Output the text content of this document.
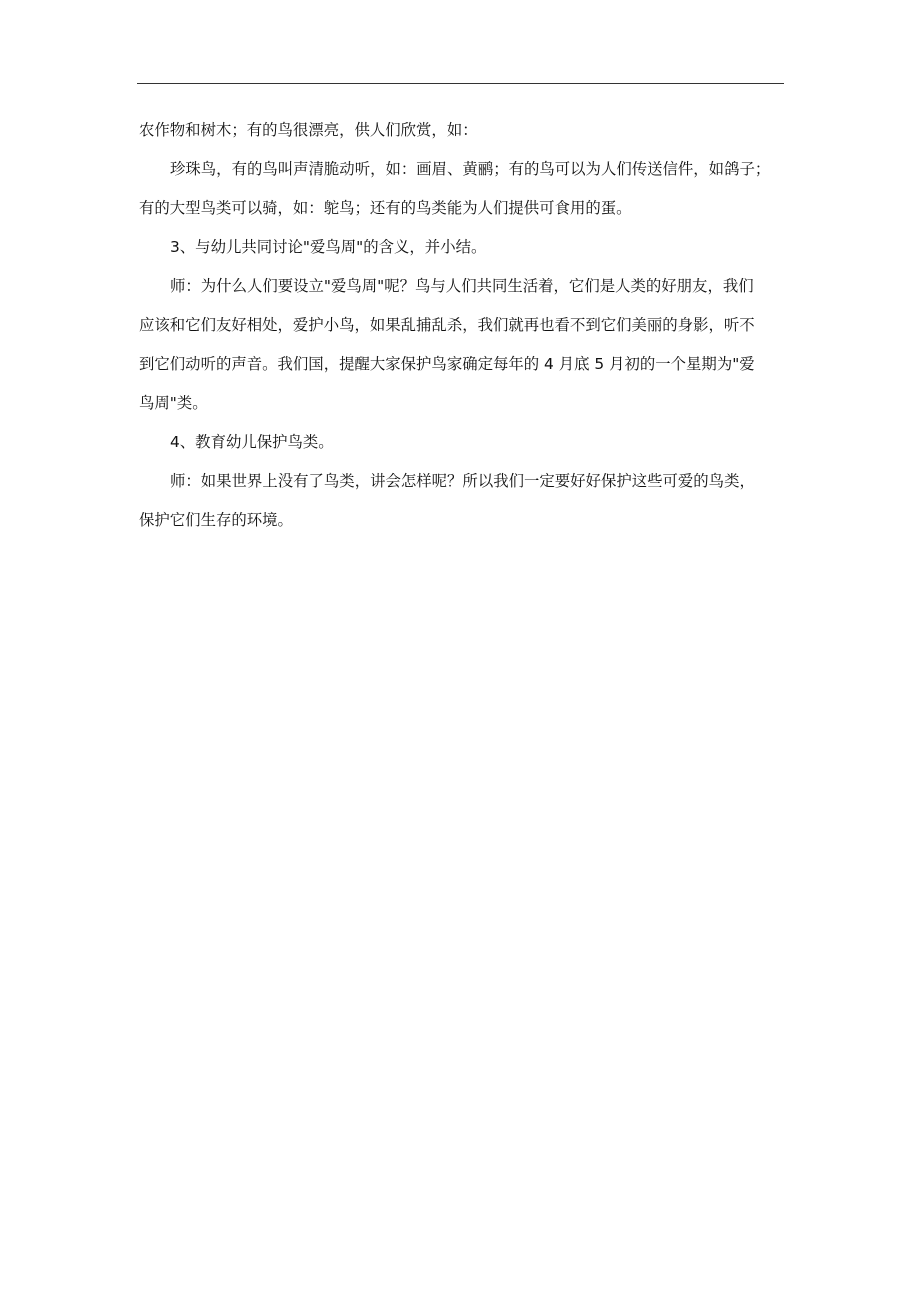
农作物和树木；有的鸟很漂亮，供人们欣赏，如：
珍珠鸟，有的鸟叫声清脆动听，如：画眉、黄鹂；有的鸟可以为人们传送信件，如鸽子；
有的大型鸟类可以骑，如：鸵鸟；还有的鸟类能为人们提供可食用的蛋。
3、与幼儿共同讨论"爱鸟周"的含义，并小结。
师：为什么人们要设立"爱鸟周"呢？鸟与人们共同生活着，它们是人类的好朋友，我们
应该和它们友好相处，爱护小鸟，如果乱捕乱杀，我们就再也看不到它们美丽的身影，听不
到它们动听的声音。我们国，提醒大家保护鸟家确定每年的 4 月底 5 月初的一个星期为"爱
鸟周"类。
4、教育幼儿保护鸟类。
师：如果世界上没有了鸟类，讲会怎样呢？所以我们一定要好好保护这些可爱的鸟类，
保护它们生存的环境。
